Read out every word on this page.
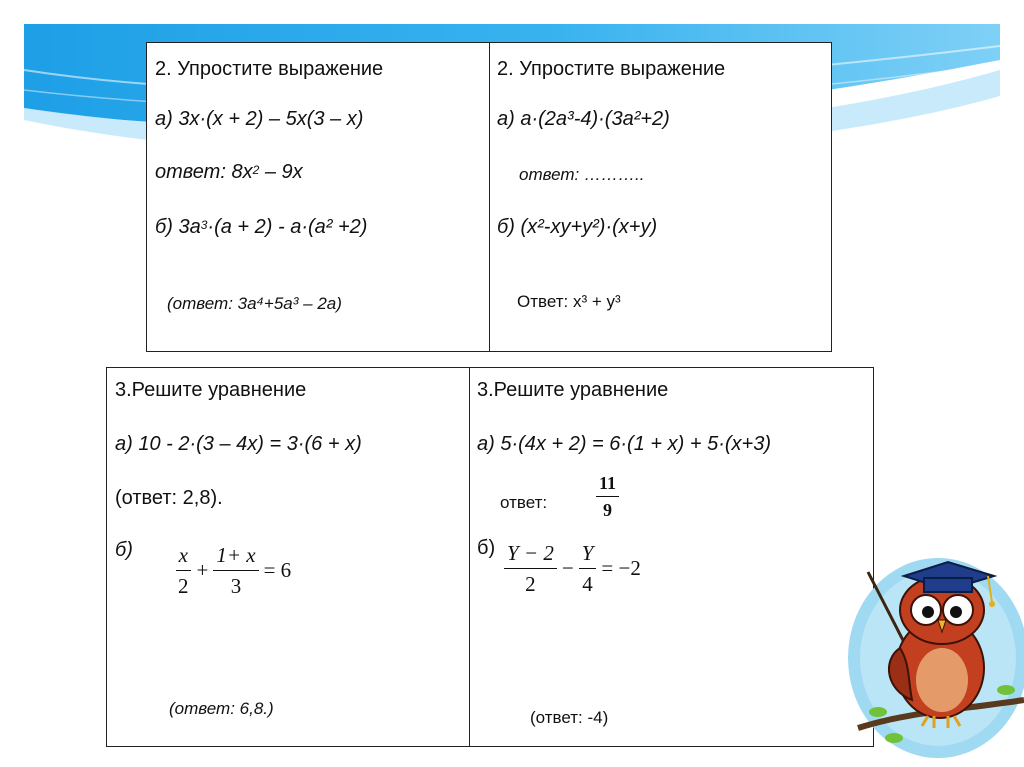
2. Упростите выражение
а) 3х·(х + 2) – 5х(3 – х)
ответ: $8х^2 - 9х$
б) $3а^3\cdot(а + 2) - а\cdot(а^2 +2)$
(ответ: 3а⁴+5а³ – 2а)
2. Упростите выражение
а) а·(2а³-4)·(3а²+2)
ответ: ………..
б) (х²-ху+у²)·(х+у)
Ответ: х³ + у³
3.Решите уравнение
а) 10 - 2·(3 – 4х) = 3·(6 + х)
(ответ: 2,8).
$б) \frac{x}{2} + \frac{1+ x}{3} = 6$
(ответ: 6,8.)
3.Решите уравнение
а) 5·(4х + 2) = 6·(1 + х) + 5·(х+3)
ответ:	$\frac{11}{9}$
$б) \frac{Y - 2}{2} - \frac{Y}{4} = -2$
(ответ: -4)
